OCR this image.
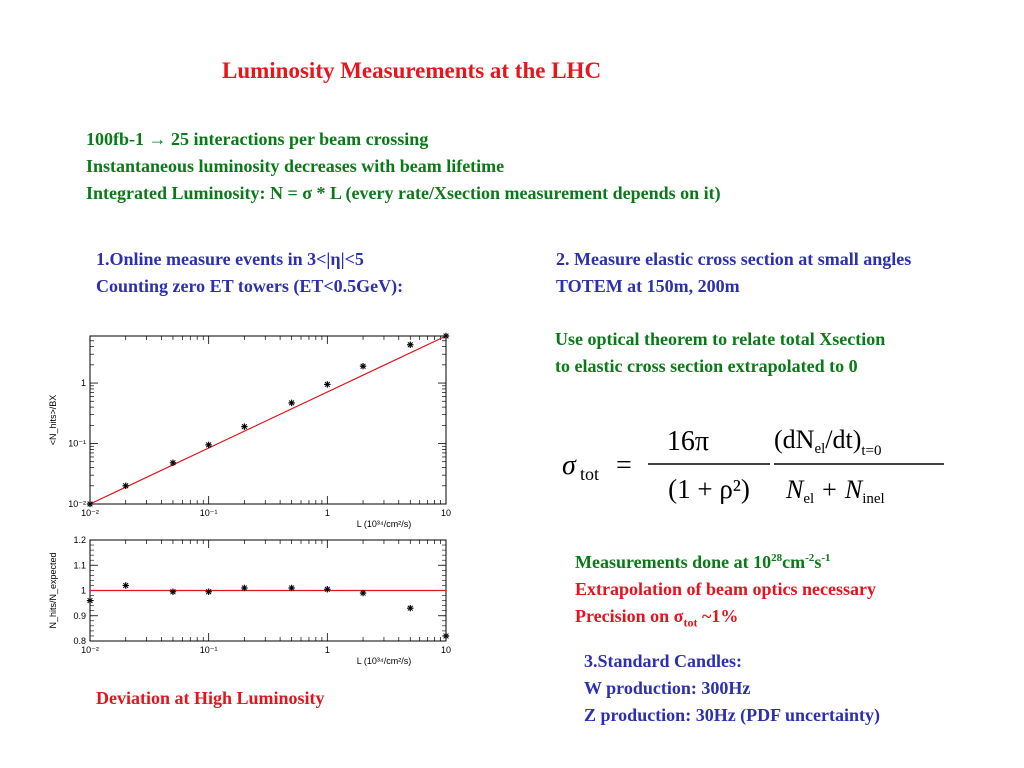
Luminosity Measurements at the LHC
100fb-1 → 25 interactions per beam crossing
Instantaneous luminosity decreases with beam lifetime
Integrated Luminosity: N = σ * L (every rate/Xsection measurement depends on it)
1.Online measure events in 3<|η|<5
Counting zero ET towers (ET<0.5GeV):
2. Measure elastic cross section at small angles
TOTEM at 150m, 200m
Use optical theorem to relate total Xsection
to elastic cross section extrapolated to 0
σ tot =
16π
(1 + ρ²)
$(dNel/dt)_{t=0}$
Nel + Ninel
Measurements done at $10^{28}cm^{-2}s^{-1}$
Extrapolation of beam optics necessary
Precision on $\sigma_{tot}$ ~1%
3.Standard Candles:
W production: 300Hz
Z production: 30Hz (PDF uncertainty)
Deviation at High Luminosity
10⁻²	10⁻¹	1	10
10⁻²
10⁻¹
1
L (10³⁴/cm²/s)
<N_hits>/BX
10⁻²	10⁻¹	1	10
0.8
0.9
1
1.1
1.2
L (10³⁴/cm²/s)
N_hits/N_expected
